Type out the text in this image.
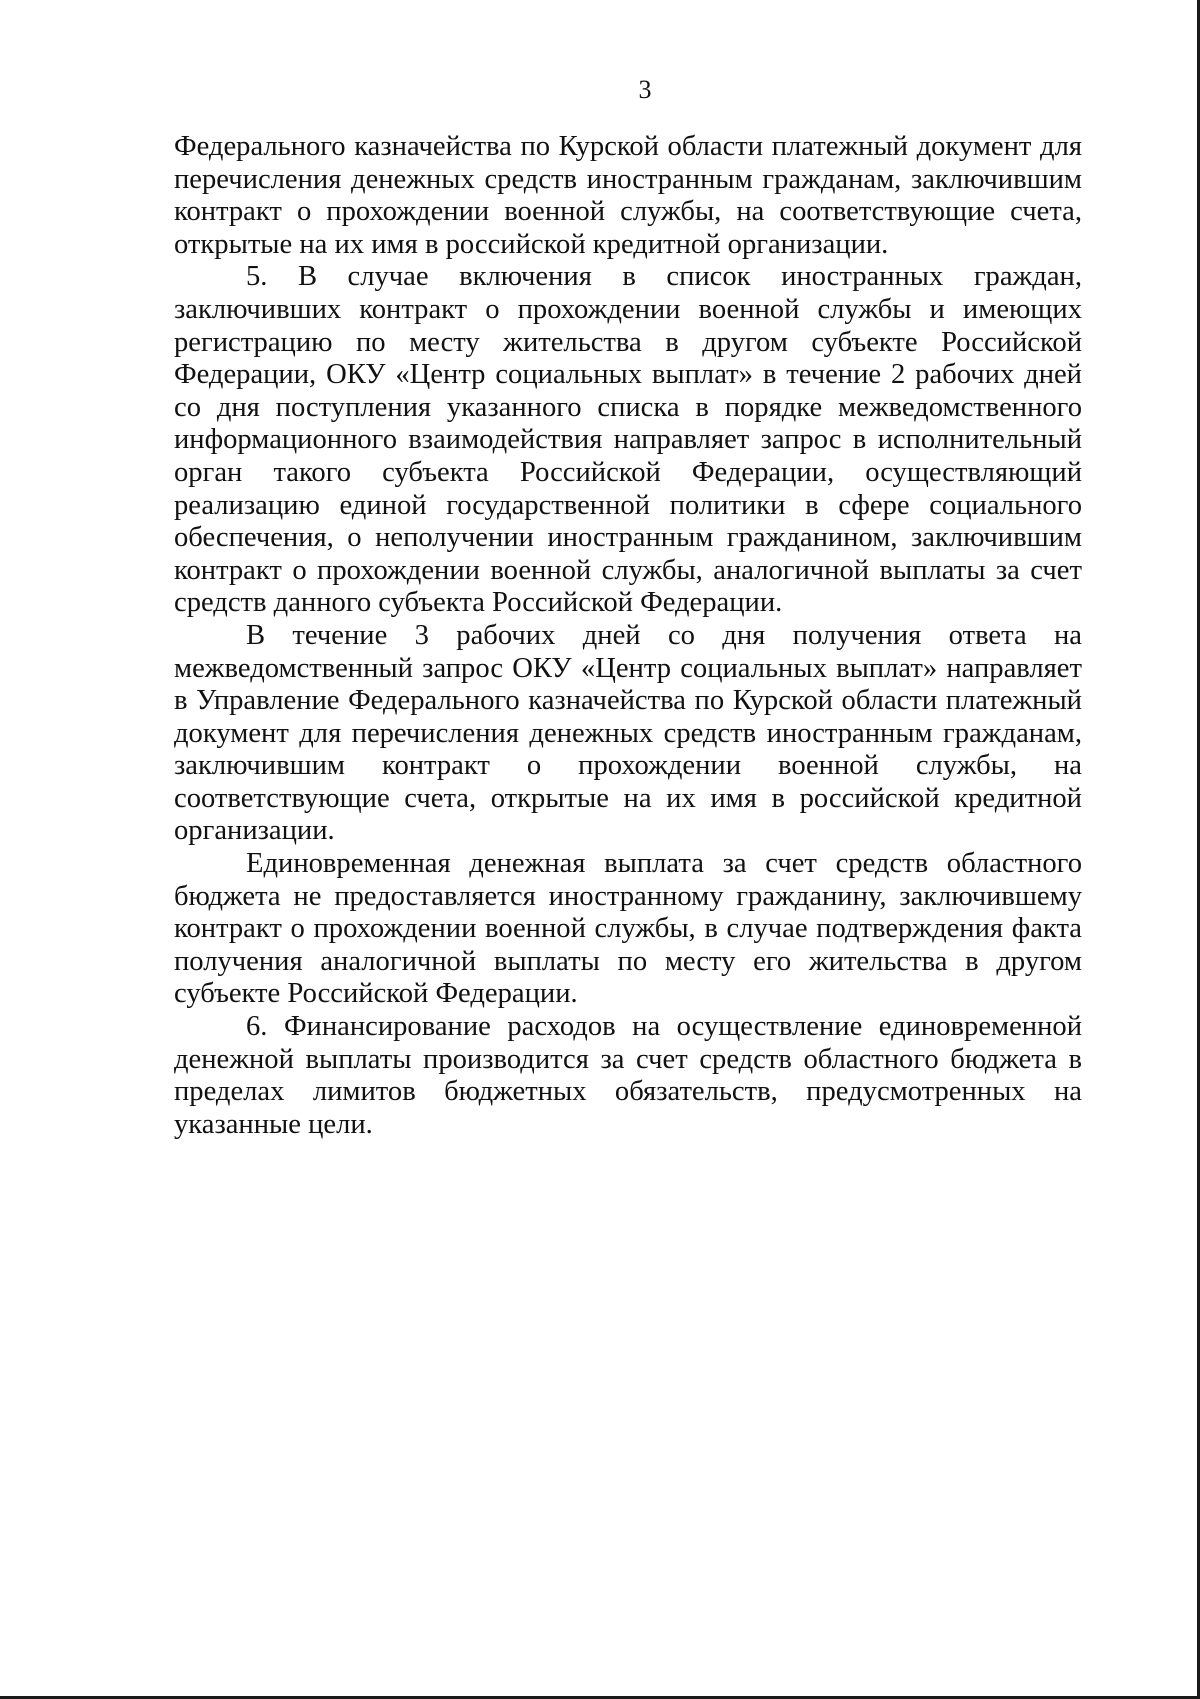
3

Федерального казначейства по Курской области платежный документ для перечисления денежных средств иностранным гражданам, заключившим контракт о прохождении военной службы, на соответствующие счета, открытые на их имя в российской кредитной организации.

5. В случае включения в список иностранных граждан, заключивших контракт о прохождении военной службы и имеющих регистрацию по месту жительства в другом субъекте Российской Федерации, ОКУ «Центр социальных выплат» в течение 2 рабочих дней со дня поступления указанного списка в порядке межведомственного информационного взаимодействия направляет запрос в исполнительный орган такого субъекта Российской Федерации, осуществляющий реализацию единой государственной политики в сфере социального обеспечения, о неполучении иностранным гражданином, заключившим контракт о прохождении военной службы, аналогичной выплаты за счет средств данного субъекта Российской Федерации.

В течение 3 рабочих дней со дня получения ответа на межведомственный запрос ОКУ «Центр социальных выплат» направляет в Управление Федерального казначейства по Курской области платежный документ для перечисления денежных средств иностранным гражданам, заключившим контракт о прохождении военной службы, на соответствующие счета, открытые на их имя в российской кредитной организации.

Единовременная денежная выплата за счет средств областного бюджета не предоставляется иностранному гражданину, заключившему контракт о прохождении военной службы, в случае подтверждения факта получения аналогичной выплаты по месту его жительства в другом субъекте Российской Федерации.

6. Финансирование расходов на осуществление единовременной денежной выплаты производится за счет средств областного бюджета в пределах лимитов бюджетных обязательств, предусмотренных на указанные цели.
